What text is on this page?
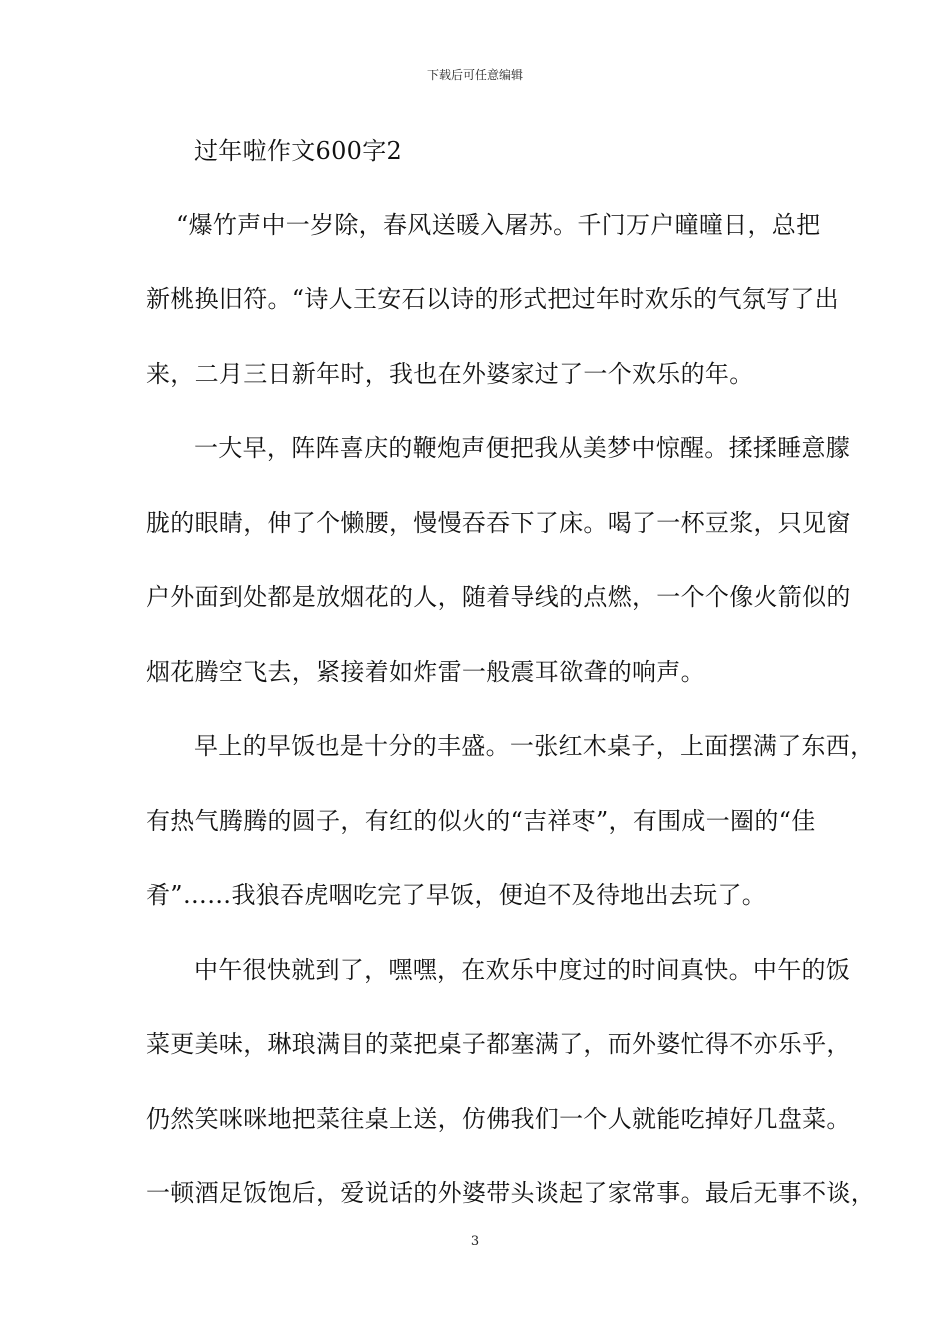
下载后可任意编辑
过年啦作文600字2
“爆竹声中一岁除，春风送暖入屠苏。千门万户曈曈日，总把
新桃换旧符。“诗人王安石以诗的形式把过年时欢乐的气氛写了出
来，二月三日新年时，我也在外婆家过了一个欢乐的年。
一大早，阵阵喜庆的鞭炮声便把我从美梦中惊醒。揉揉睡意朦
胧的眼睛，伸了个懒腰，慢慢吞吞下了床。喝了一杯豆浆，只见窗
户外面到处都是放烟花的人，随着导线的点燃，一个个像火箭似的
烟花腾空飞去，紧接着如炸雷一般震耳欲聋的响声。
早上的早饭也是十分的丰盛。一张红木桌子，上面摆满了东西，
有热气腾腾的圆子，有红的似火的“吉祥枣”，有围成一圈的“佳
肴”……我狼吞虎咽吃完了早饭，便迫不及待地出去玩了。
中午很快就到了，嘿嘿，在欢乐中度过的时间真快。中午的饭
菜更美味，琳琅满目的菜把桌子都塞满了，而外婆忙得不亦乐乎，
仍然笑咪咪地把菜往桌上送，仿佛我们一个人就能吃掉好几盘菜。
一顿酒足饭饱后，爱说话的外婆带头谈起了家常事。最后无事不谈，
3
